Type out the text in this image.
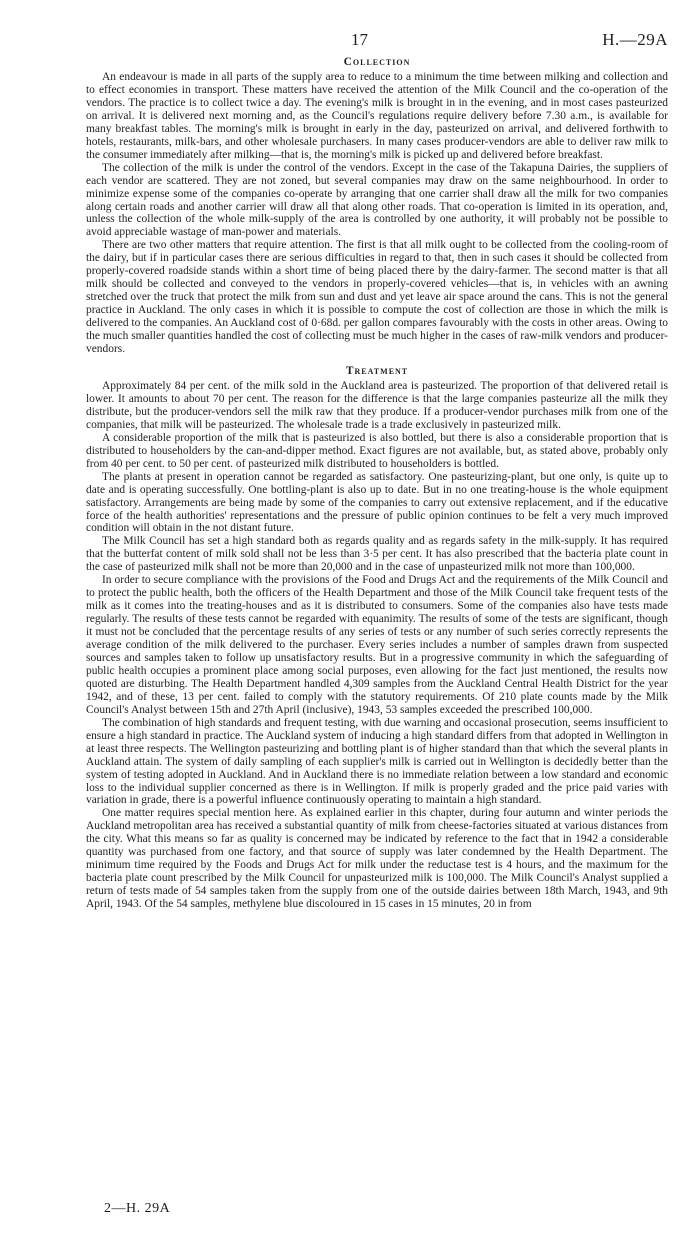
17	H.—29A
Collection

An endeavour is made in all parts of the supply area to reduce to a minimum the time between milking and collection and to effect economies in transport. These matters have received the attention of the Milk Council and the co-operation of the vendors. The practice is to collect twice a day. The evening's milk is brought in in the evening, and in most cases pasteurized on arrival. It is delivered next morning and, as the Council's regulations require delivery before 7.30 a.m., is available for many breakfast tables. The morning's milk is brought in early in the day, pasteurized on arrival, and delivered forthwith to hotels, restaurants, milk-bars, and other wholesale purchasers. In many cases producer-vendors are able to deliver raw milk to the consumer immediately after milking—that is, the morning's milk is picked up and delivered before breakfast.

The collection of the milk is under the control of the vendors. Except in the case of the Takapuna Dairies, the suppliers of each vendor are scattered. They are not zoned, but several companies may draw on the same neighbourhood. In order to minimize expense some of the companies co-operate by arranging that one carrier shall draw all the milk for two companies along certain roads and another carrier will draw all that along other roads. That co-operation is limited in its operation, and, unless the collection of the whole milk-supply of the area is controlled by one authority, it will probably not be possible to avoid appreciable wastage of man-power and materials.

There are two other matters that require attention. The first is that all milk ought to be collected from the cooling-room of the dairy, but if in particular cases there are serious difficulties in regard to that, then in such cases it should be collected from properly-covered roadside stands within a short time of being placed there by the dairy-farmer. The second matter is that all milk should be collected and conveyed to the vendors in properly-covered vehicles—that is, in vehicles with an awning stretched over the truck that protect the milk from sun and dust and yet leave air space around the cans. This is not the general practice in Auckland. The only cases in which it is possible to compute the cost of collection are those in which the milk is delivered to the companies. An Auckland cost of 0·68d. per gallon compares favourably with the costs in other areas. Owing to the much smaller quantities handled the cost of collecting must be much higher in the cases of raw-milk vendors and producer-vendors.

Treatment

Approximately 84 per cent. of the milk sold in the Auckland area is pasteurized. The proportion of that delivered retail is lower. It amounts to about 70 per cent. The reason for the difference is that the large companies pasteurize all the milk they distribute, but the producer-vendors sell the milk raw that they produce. If a producer-vendor purchases milk from one of the companies, that milk will be pasteurized. The wholesale trade is a trade exclusively in pasteurized milk.

A considerable proportion of the milk that is pasteurized is also bottled, but there is also a considerable proportion that is distributed to householders by the can-and-dipper method. Exact figures are not available, but, as stated above, probably only from 40 per cent. to 50 per cent. of pasteurized milk distributed to householders is bottled.

The plants at present in operation cannot be regarded as satisfactory. One pasteurizing-plant, but one only, is quite up to date and is operating successfully. One bottling-plant is also up to date. But in no one treating-house is the whole equipment satisfactory. Arrangements are being made by some of the companies to carry out extensive replacement, and if the educative force of the health authorities' representations and the pressure of public opinion continues to be felt a very much improved condition will obtain in the not distant future.

The Milk Council has set a high standard both as regards quality and as regards safety in the milk-supply. It has required that the butterfat content of milk sold shall not be less than 3·5 per cent. It has also prescribed that the bacteria plate count in the case of pasteurized milk shall not be more than 20,000 and in the case of unpasteurized milk not more than 100,000.

In order to secure compliance with the provisions of the Food and Drugs Act and the requirements of the Milk Council and to protect the public health, both the officers of the Health Department and those of the Milk Council take frequent tests of the milk as it comes into the treating-houses and as it is distributed to consumers. Some of the companies also have tests made regularly. The results of these tests cannot be regarded with equanimity. The results of some of the tests are significant, though it must not be concluded that the percentage results of any series of tests or any number of such series correctly represents the average condition of the milk delivered to the purchaser. Every series includes a number of samples drawn from suspected sources and samples taken to follow up unsatisfactory results. But in a progressive community in which the safeguarding of public health occupies a prominent place among social purposes, even allowing for the fact just mentioned, the results now quoted are disturbing. The Health Department handled 4,309 samples from the Auckland Central Health District for the year 1942, and of these, 13 per cent. failed to comply with the statutory requirements. Of 210 plate counts made by the Milk Council's Analyst between 15th and 27th April (inclusive), 1943, 53 samples exceeded the prescribed 100,000.

The combination of high standards and frequent testing, with due warning and occasional prosecution, seems insufficient to ensure a high standard in practice. The Auckland system of inducing a high standard differs from that adopted in Wellington in at least three respects. The Wellington pasteurizing and bottling plant is of higher standard than that which the several plants in Auckland attain. The system of daily sampling of each supplier's milk is carried out in Wellington is decidedly better than the system of testing adopted in Auckland. And in Auckland there is no immediate relation between a low standard and economic loss to the individual supplier concerned as there is in Wellington. If milk is properly graded and the price paid varies with variation in grade, there is a powerful influence continuously operating to maintain a high standard.

One matter requires special mention here. As explained earlier in this chapter, during four autumn and winter periods the Auckland metropolitan area has received a substantial quantity of milk from cheese-factories situated at various distances from the city. What this means so far as quality is concerned may be indicated by reference to the fact that in 1942 a considerable quantity was purchased from one factory, and that source of supply was later condemned by the Health Department. The minimum time required by the Foods and Drugs Act for milk under the reductase test is 4 hours, and the maximum for the bacteria plate count prescribed by the Milk Council for unpasteurized milk is 100,000. The Milk Council's Analyst supplied a return of tests made of 54 samples taken from the supply from one of the outside dairies between 18th March, 1943, and 9th April, 1943. Of the 54 samples, methylene blue discoloured in 15 cases in 15 minutes, 20 in from

2—H. 29A
